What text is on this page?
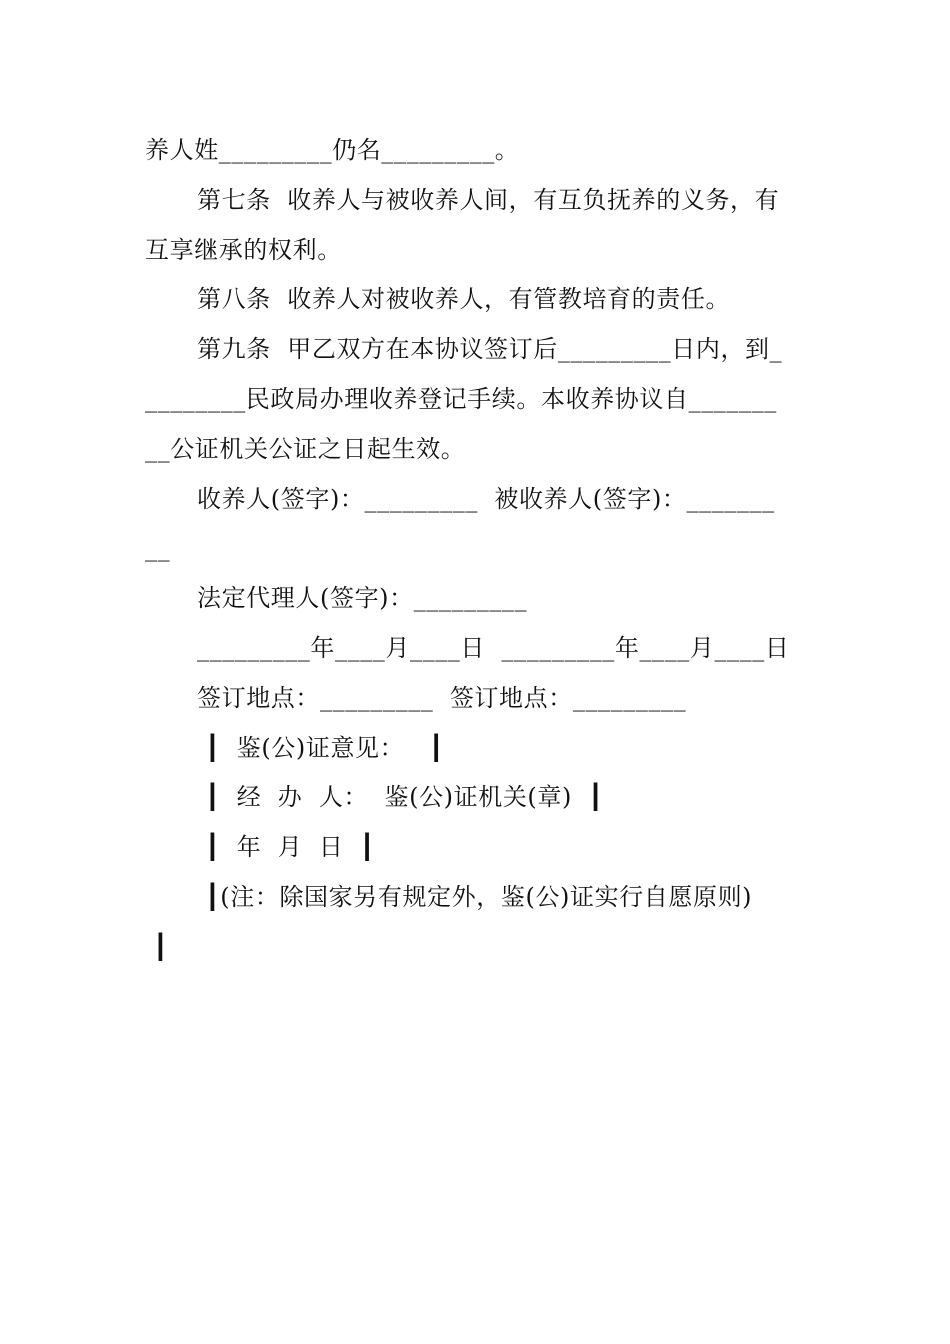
养人姓_________仍名_________。
第七条  收养人与被收养人间，有互负抚养的义务，有
互享继承的权利。
第八条  收养人对被收养人，有管教培育的责任。
第九条  甲乙双方在本协议签订后_________日内，到_
________民政局办理收养登记手续。本收养协议自_______
__公证机关公证之日起生效。
收养人(签字)：_________  被收养人(签字)：_______
__
法定代理人(签字)：_________
_________年____月____日  _________年____月____日
签订地点：_________  签订地点：_________
┃  鉴(公)证意见：   ┃
┃  经  办  人：  鉴(公)证机关(章)  ┃
┃  年  月  日  ┃
┃(注：除国家另有规定外，鉴(公)证实行自愿原则)
┃
